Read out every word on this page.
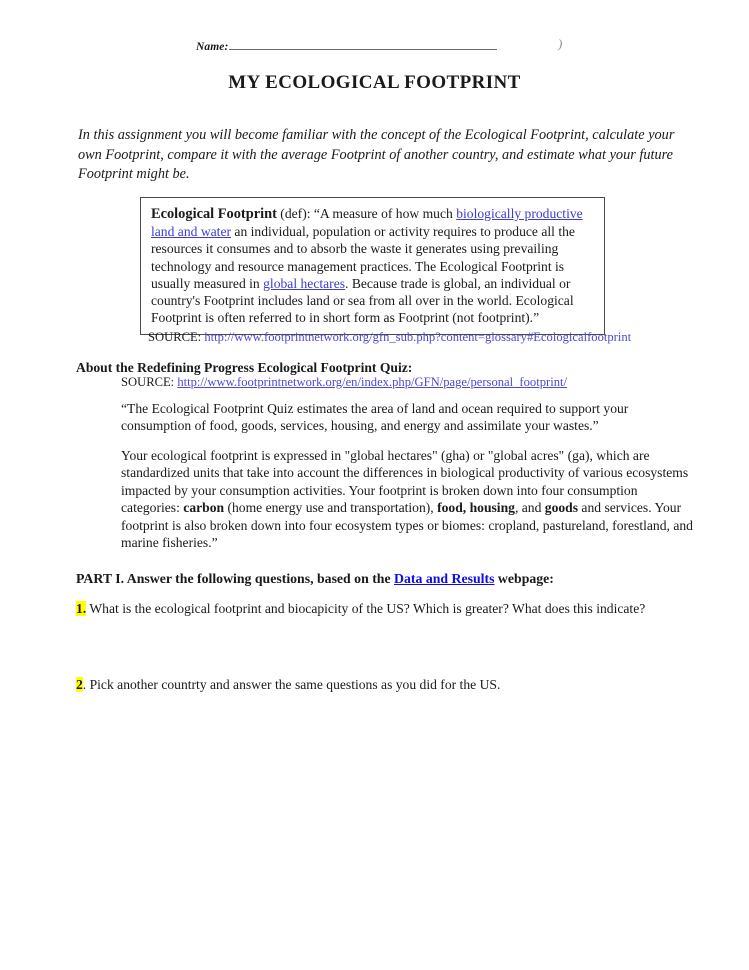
Name:	)
MY ECOLOGICAL FOOTPRINT
In this assignment you will become familiar with the concept of the Ecological Footprint, calculate your own Footprint, compare it with the average Footprint of another country, and estimate what your future Footprint might be.
Ecological Footprint (def): “A measure of how much biologically productive land and water an individual, population or activity requires to produce all the resources it consumes and to absorb the waste it generates using prevailing technology and resource management practices. The Ecological Footprint is usually measured in global hectares. Because trade is global, an individual or country's Footprint includes land or sea from all over in the world. Ecological Footprint is often referred to in short form as Footprint (not footprint).”
SOURCE: http://www.footprintnetwork.org/gfn_sub.php?content=glossary#Ecologicalfootprint
About the Redefining Progress Ecological Footprint Quiz:
SOURCE: http://www.footprintnetwork.org/en/index.php/GFN/page/personal_footprint/
“The Ecological Footprint Quiz estimates the area of land and ocean required to support your consumption of food, goods, services, housing, and energy and assimilate your wastes.”
Your ecological footprint is expressed in "global hectares" (gha) or "global acres" (ga), which are standardized units that take into account the differences in biological productivity of various ecosystems impacted by your consumption activities. Your footprint is broken down into four consumption categories: carbon (home energy use and transportation), food, housing, and goods and services. Your footprint is also broken down into four ecosystem types or biomes: cropland, pastureland, forestland, and marine fisheries.”
PART I. Answer the following questions, based on the Data and Results webpage:
1. What is the ecological footprint and biocapicity of the US? Which is greater? What does this indicate?
2. Pick another countrty and answer the same questions as you did for the US.
